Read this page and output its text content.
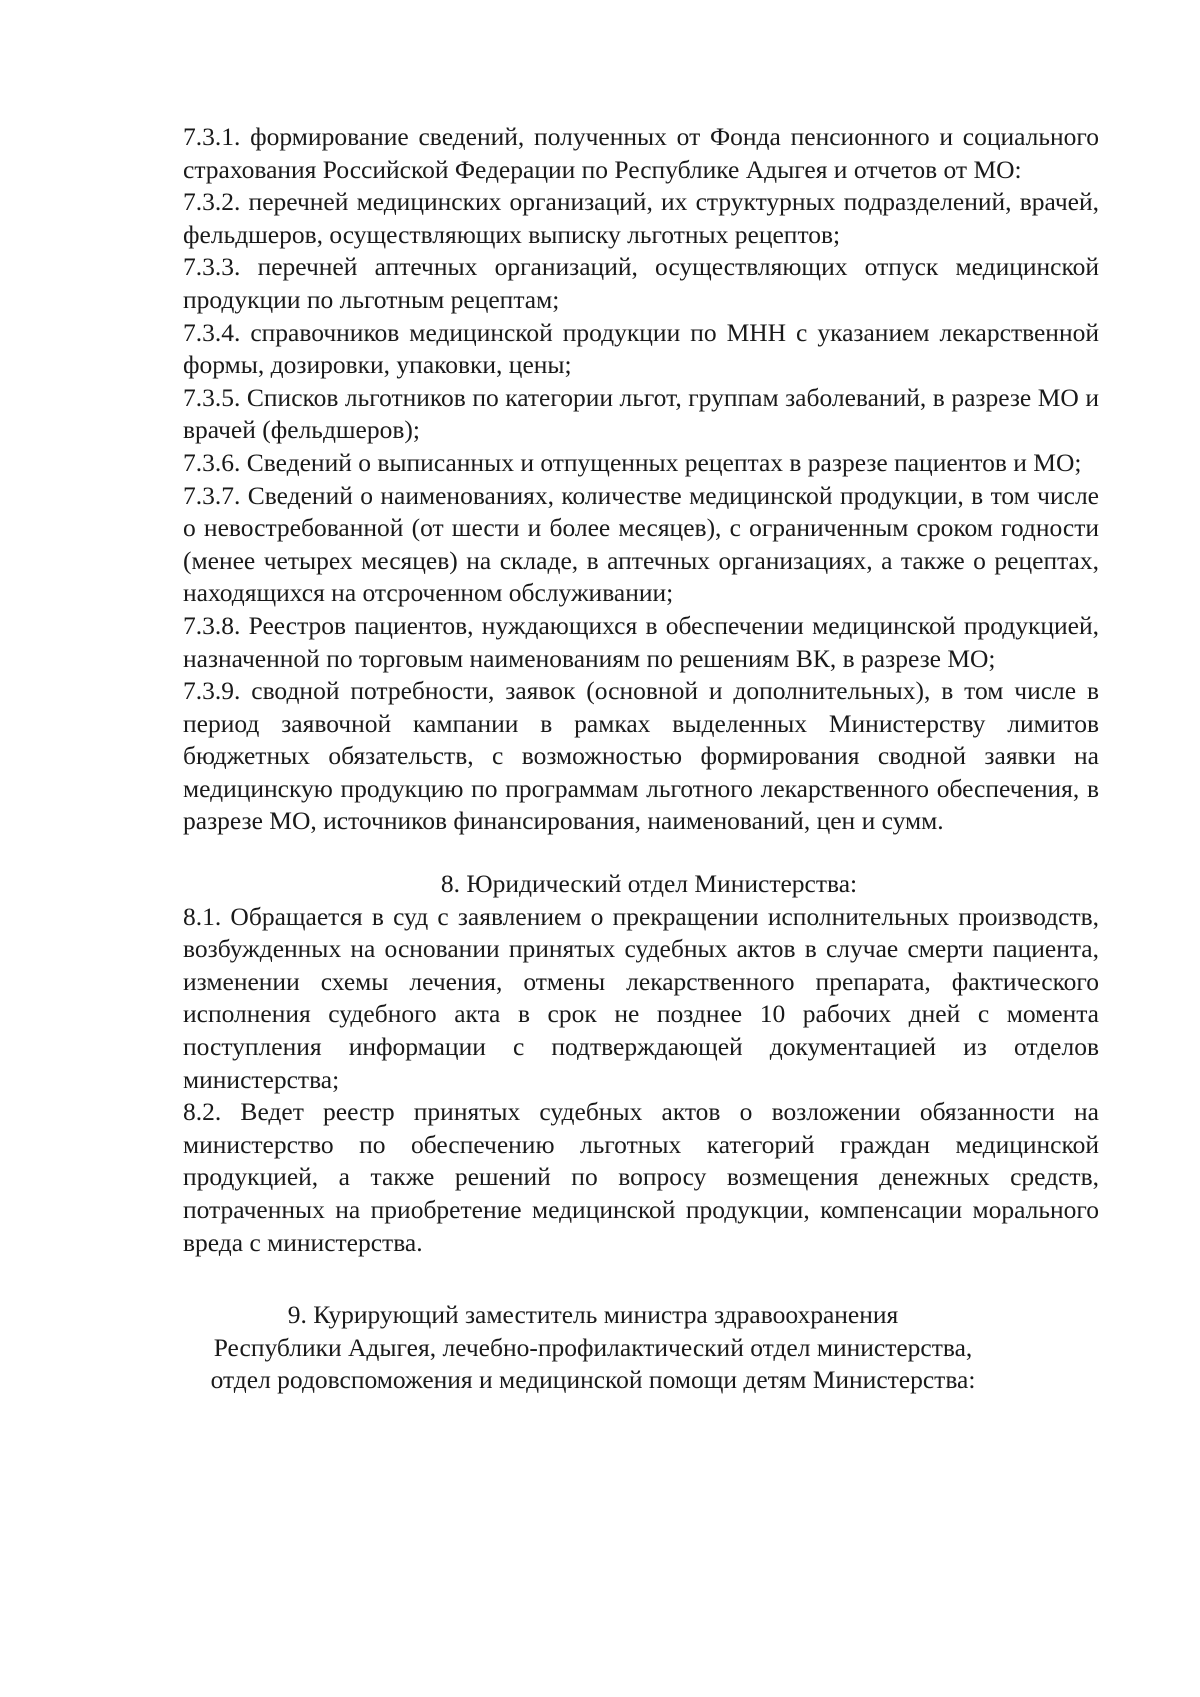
7.3.1. формирование сведений, полученных от Фонда пенсионного и социального страхования Российской Федерации по Республике Адыгея и отчетов от МО:

7.3.2. перечней медицинских организаций, их структурных подразделений, врачей, фельдшеров, осуществляющих выписку льготных рецептов;

7.3.3. перечней аптечных организаций, осуществляющих отпуск медицинской продукции по льготным рецептам;

7.3.4. справочников медицинской продукции по МНН с указанием лекарственной формы, дозировки, упаковки, цены;

7.3.5. Списков льготников по категории льгот, группам заболеваний, в разрезе МО и врачей (фельдшеров);

7.3.6. Сведений о выписанных и отпущенных рецептах в разрезе пациентов и МО;

7.3.7. Сведений о наименованиях, количестве медицинской продукции, в том числе о невостребованной (от шести и более месяцев), с ограниченным сроком годности (менее четырех месяцев) на складе, в аптечных организациях, а также о рецептах, находящихся на отсроченном обслуживании;

7.3.8. Реестров пациентов, нуждающихся в обеспечении медицинской продукцией, назначенной по торговым наименованиям по решениям ВК, в разрезе МО;

7.3.9. сводной потребности, заявок (основной и дополнительных), в том числе в период заявочной кампании в рамках выделенных Министерству лимитов бюджетных обязательств, с возможностью формирования сводной заявки на медицинскую продукцию по программам льготного лекарственного обеспечения, в разрезе МО, источников финансирования, наименований, цен и сумм.

8. Юридический отдел Министерства:

8.1. Обращается в суд с заявлением о прекращении исполнительных производств, возбужденных на основании принятых судебных актов в случае смерти пациента, изменении схемы лечения, отмены лекарственного препарата, фактического исполнения судебного акта в срок не позднее 10 рабочих дней с момента поступления информации с подтверждающей документацией из отделов министерства;

8.2. Ведет реестр принятых судебных актов о возложении обязанности на министерство по обеспечению льготных категорий граждан медицинской продукцией, а также решений по вопросу возмещения денежных средств, потраченных на приобретение медицинской продукции, компенсации морального вреда с министерства.

9. Курирующий заместитель министра здравоохранения

Республики Адыгея, лечебно-профилактический отдел министерства,

отдел родовспоможения и медицинской помощи детям Министерства:
